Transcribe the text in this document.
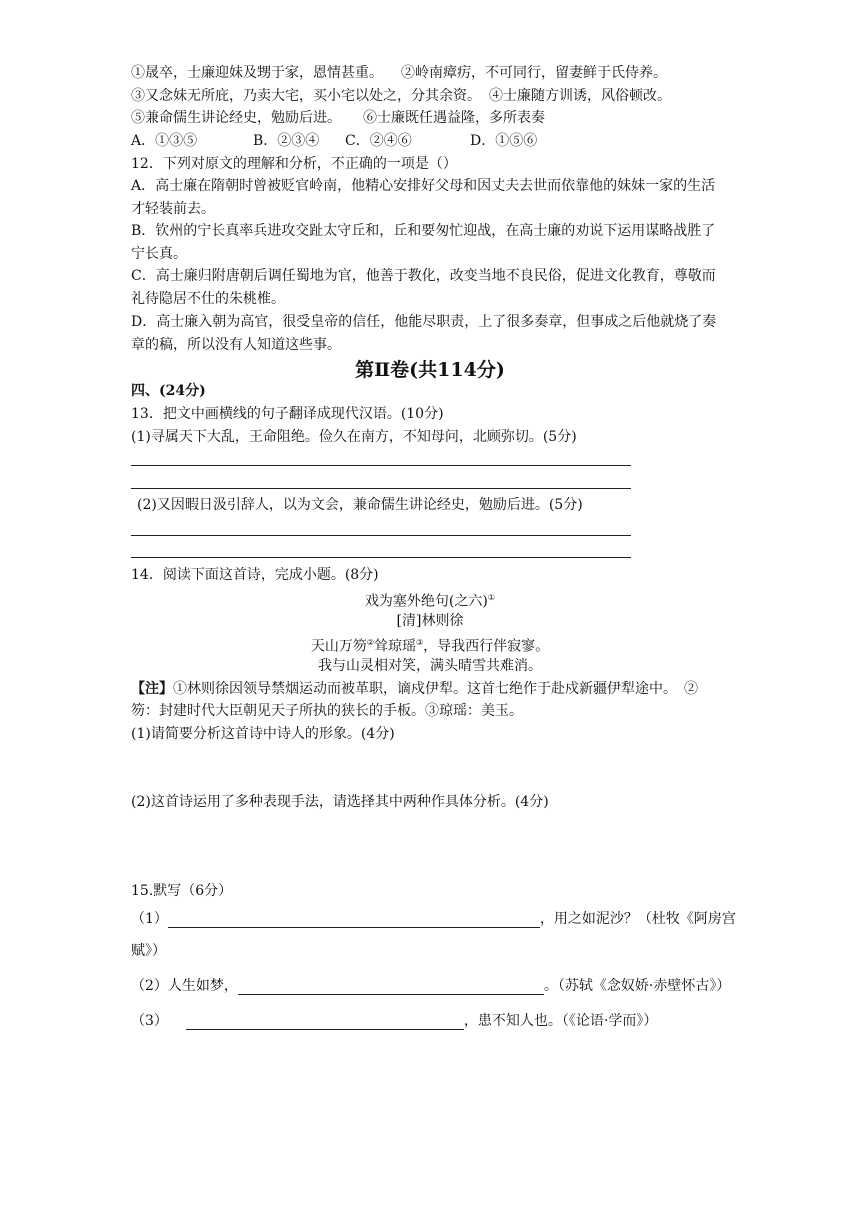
①晟卒，士廉迎妹及甥于家，恩情甚重。 ②岭南瘴疠，不可同行，留妻鲜于氏侍养。
③又念妹无所庇，乃卖大宅，买小宅以处之，分其余资。 ④士廉随方训诱，风俗顿改。
⑤兼命儒生讲论经史，勉励后进。 ⑥士廉既任遇益隆，多所表奏
A．①③⑤	B．②③④ C．②④⑥	D．①⑤⑥
12．下列对原文的理解和分析，不正确的一项是（）
A．高士廉在隋朝时曾被贬官岭南，他精心安排好父母和因丈夫去世而依靠他的妹妹一家的生活
才轻装前去。
B．钦州的宁长真率兵进攻交趾太守丘和，丘和要匆忙迎战，在高士廉的劝说下运用谋略战胜了
宁长真。
C．高士廉归附唐朝后调任蜀地为官，他善于教化，改变当地不良民俗，促进文化教育，尊敬而
礼待隐居不仕的朱桃椎。
D．高士廉入朝为高官，很受皇帝的信任，他能尽职责，上了很多奏章，但事成之后他就烧了奏
章的稿，所以没有人知道这些事。
第Ⅱ卷(共114分)
四、(24分)
13．把文中画横线的句子翻译成现代汉语。(10分)
(1)寻属天下大乱，王命阻绝。俭久在南方，不知母问，北顾弥切。(5分)
(2)又因暇日汲引辞人，以为文会，兼命儒生讲论经史，勉励后进。(5分)
14．阅读下面这首诗，完成小题。(8分)
戏为塞外绝句(之六)①
[清]林则徐
天山万笏②耸琼瑶③，导我西行伴寂寥。
我与山灵相对笑，满头晴雪共难消。
【注】①林则徐因领导禁烟运动而被革职，谪戍伊犁。这首七绝作于赴戍新疆伊犁途中。　②
笏：封建时代大臣朝见天子所执的狭长的手板。③琼瑶：美玉。
(1)请简要分析这首诗中诗人的形象。(4分)
(2)这首诗运用了多种表现手法，请选择其中两种作具体分析。(4分)
15.默写（6分）
（1）	，用之如泥沙？（杜牧《阿房宫
赋》）
（2）人生如梦，	。（苏轼《念奴娇·赤壁怀古》）
（3）	，患不知人也。（《论语·学而》）
